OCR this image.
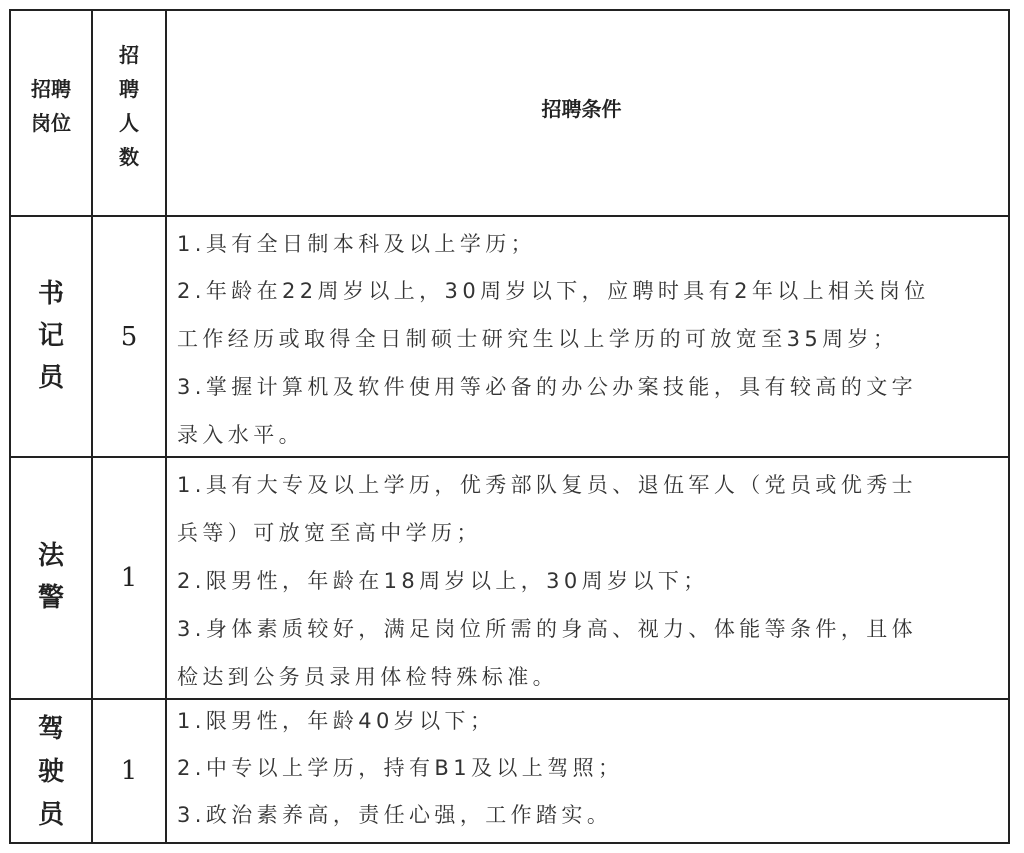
招聘
岗位
招
聘
人
数
招聘条件
书
记
员
5
1.具有全日制本科及以上学历；
2.年龄在22周岁以上，30周岁以下，应聘时具有2年以上相关岗位
工作经历或取得全日制硕士研究生以上学历的可放宽至35周岁；
3.掌握计算机及软件使用等必备的办公办案技能，具有较高的文字
录入水平。
法
警
1
1.具有大专及以上学历，优秀部队复员、退伍军人（党员或优秀士
兵等）可放宽至高中学历；
2.限男性，年龄在18周岁以上，30周岁以下；
3.身体素质较好，满足岗位所需的身高、视力、体能等条件，且体
检达到公务员录用体检特殊标准。
驾
驶
员
1
1.限男性，年龄40岁以下；
2.中专以上学历，持有B1及以上驾照；
3.政治素养高，责任心强，工作踏实。
